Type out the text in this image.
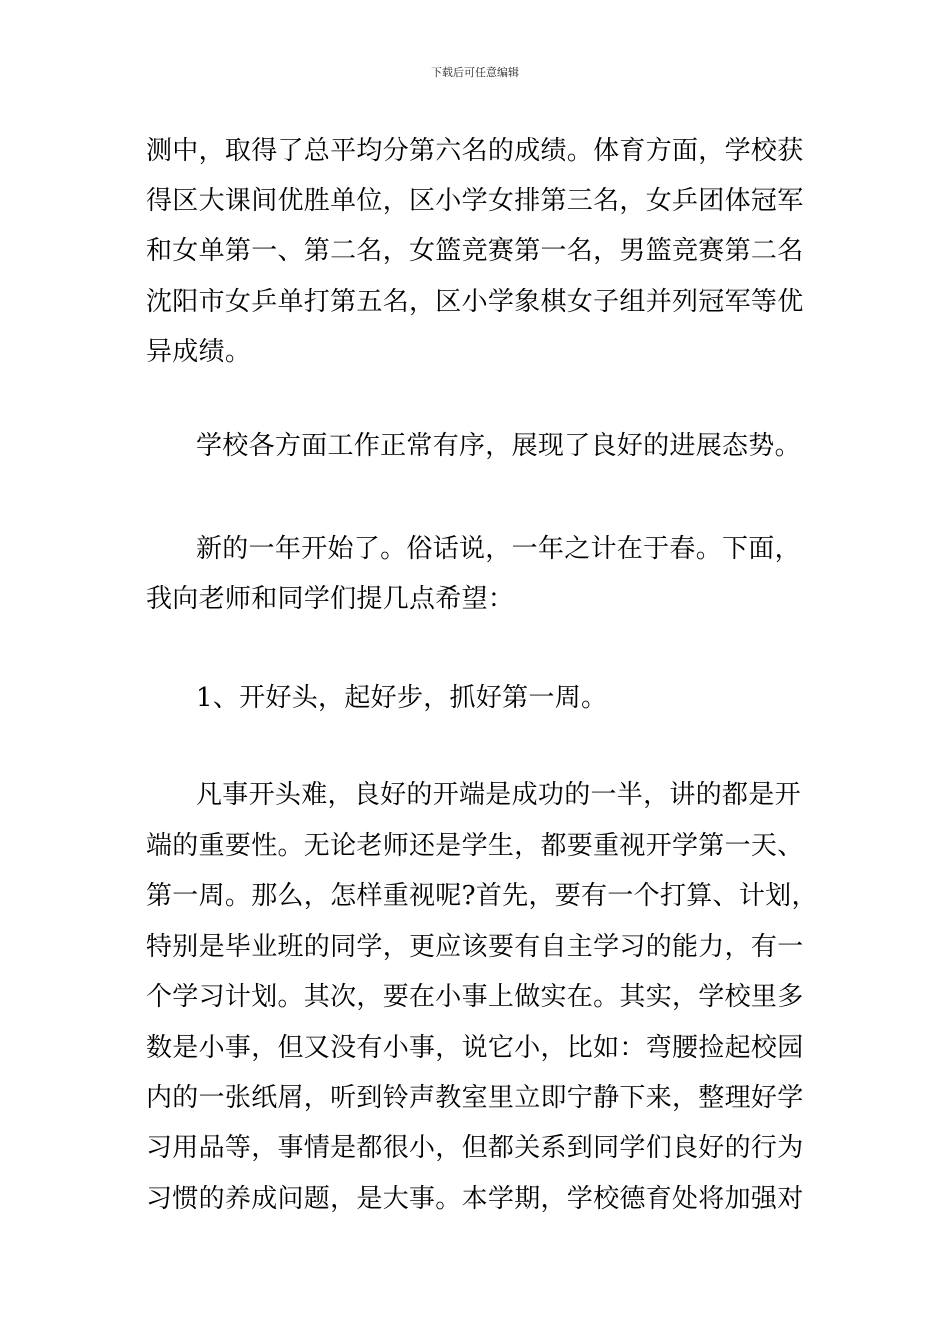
下载后可任意编辑
测中，取得了总平均分第六名的成绩。体育方面，学校获
得区大课间优胜单位，区小学女排第三名，女乒团体冠军
和女单第一、第二名，女篮竞赛第一名，男篮竞赛第二名
沈阳市女乒单打第五名，区小学象棋女子组并列冠军等优
异成绩。
学校各方面工作正常有序，展现了良好的进展态势。
新的一年开始了。俗话说，一年之计在于春。下面，
我向老师和同学们提几点希望：
1、开好头，起好步，抓好第一周。
凡事开头难，良好的开端是成功的一半，讲的都是开
端的重要性。无论老师还是学生，都要重视开学第一天、
第一周。那么，怎样重视呢?首先，要有一个打算、计划，
特别是毕业班的同学，更应该要有自主学习的能力，有一
个学习计划。其次，要在小事上做实在。其实，学校里多
数是小事，但又没有小事，说它小，比如：弯腰捡起校园
内的一张纸屑，听到铃声教室里立即宁静下来，整理好学
习用品等，事情是都很小，但都关系到同学们良好的行为
习惯的养成问题，是大事。本学期，学校德育处将加强对
